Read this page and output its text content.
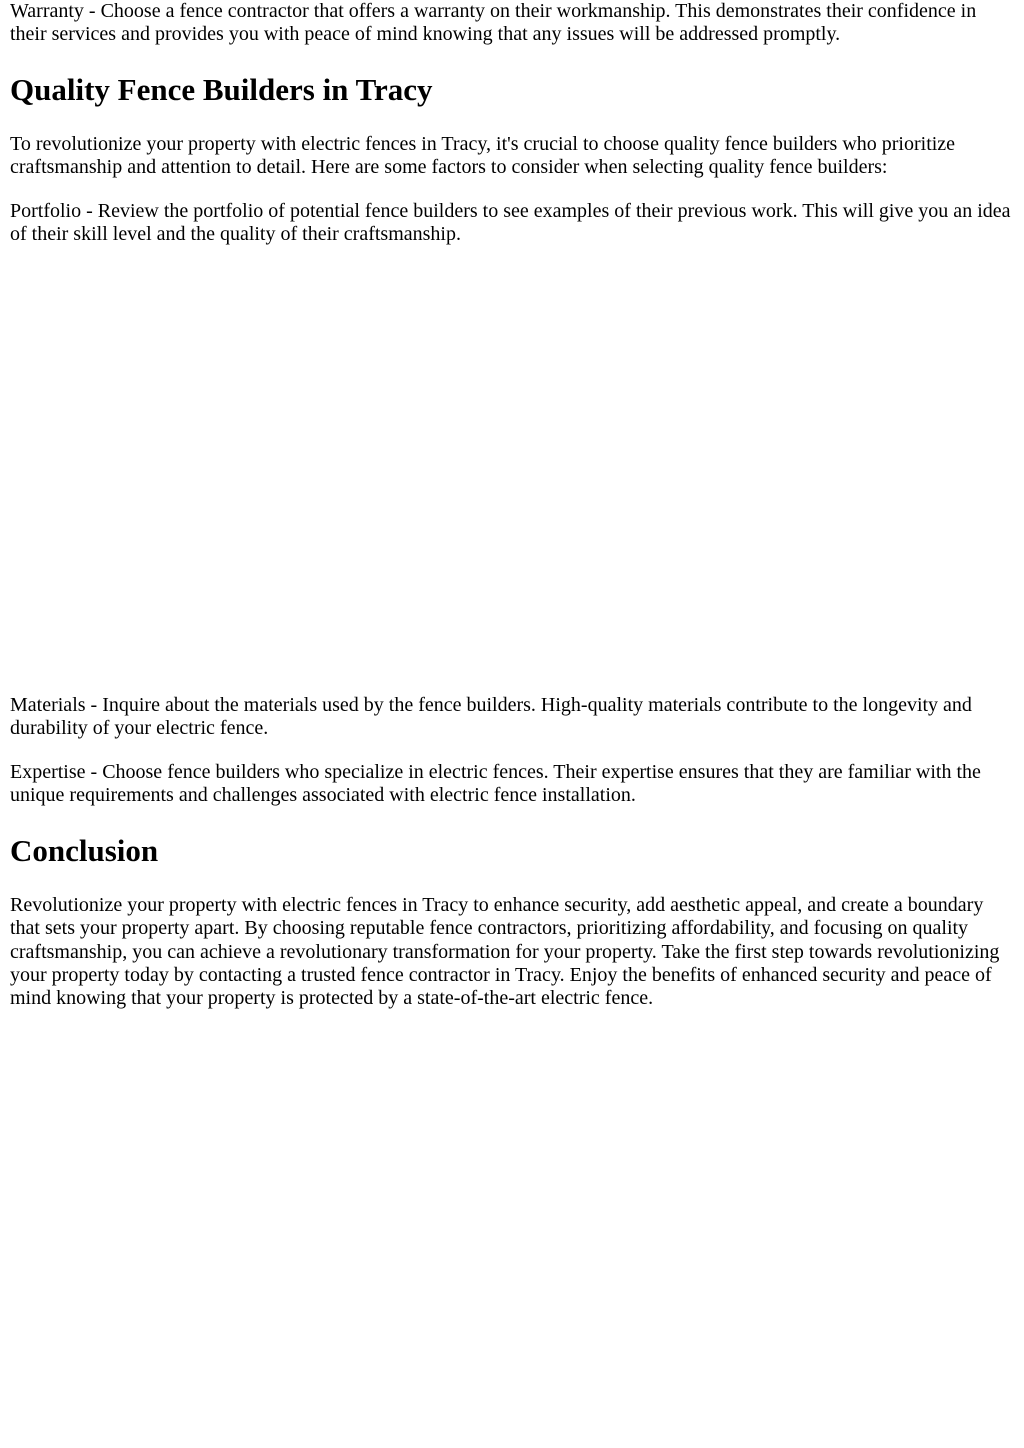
Warranty - Choose a fence contractor that offers a warranty on their workmanship. This demonstrates their confidence in their services and provides you with peace of mind knowing that any issues will be addressed promptly.

Quality Fence Builders in Tracy

To revolutionize your property with electric fences in Tracy, it's crucial to choose quality fence builders who prioritize craftsmanship and attention to detail. Here are some factors to consider when selecting quality fence builders:

Portfolio - Review the portfolio of potential fence builders to see examples of their previous work. This will give you an idea of their skill level and the quality of their craftsmanship.

Materials - Inquire about the materials used by the fence builders. High-quality materials contribute to the longevity and durability of your electric fence.

Expertise - Choose fence builders who specialize in electric fences. Their expertise ensures that they are familiar with the unique requirements and challenges associated with electric fence installation.

Conclusion

Revolutionize your property with electric fences in Tracy to enhance security, add aesthetic appeal, and create a boundary that sets your property apart. By choosing reputable fence contractors, prioritizing affordability, and focusing on quality craftsmanship, you can achieve a revolutionary transformation for your property. Take the first step towards revolutionizing your property today by contacting a trusted fence contractor in Tracy. Enjoy the benefits of enhanced security and peace of mind knowing that your property is protected by a state-of-the-art electric fence.
